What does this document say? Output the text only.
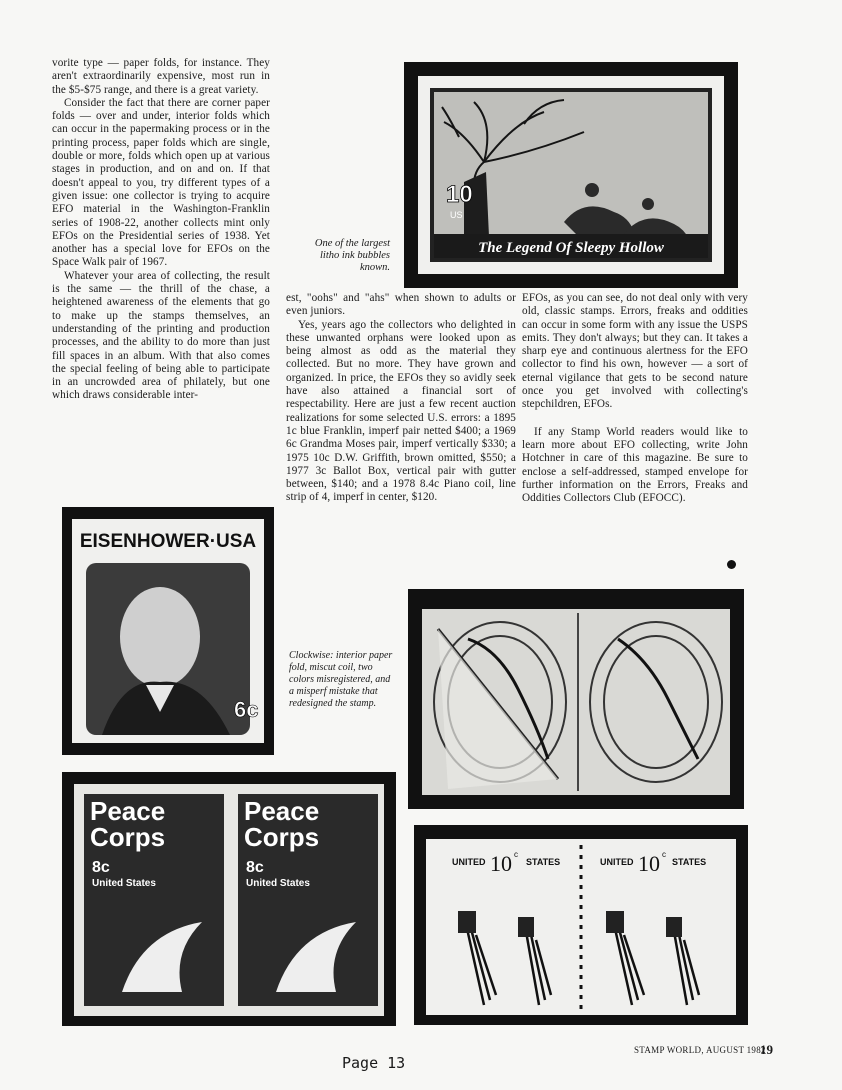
vorite type — paper folds, for instance. They aren't extraordinarily expensive, most run in the $5-$75 range, and there is a great variety.

Consider the fact that there are corner paper folds — over and under, interior folds which can occur in the papermaking process or in the printing process, paper folds which are single, double or more, folds which open up at various stages in production, and on and on. If that doesn't appeal to you, try different types of a given issue: one collector is trying to acquire EFO material in the Washington-Franklin series of 1908-22, another collects mint only EFOs on the Presidential series of 1938. Yet another has a special love for EFOs on the Space Walk pair of 1967.

Whatever your area of collecting, the result is the same — the thrill of the chase, a heightened awareness of the elements that go to make up the stamps themselves, an understanding of the printing and production processes, and the ability to do more than just fill spaces in an album. With that also comes the special feeling of being able to participate in an uncrowded area of philately, but one which draws considerable inter-

est, "oohs" and "ahs" when shown to adults or even juniors.

Yes, years ago the collectors who delighted in these unwanted orphans were looked upon as being almost as odd as the material they collected. But no more. They have grown and organized. In price, the EFOs they so avidly seek have also attained a financial sort of respectability. Here are just a few recent auction realizations for some selected U.S. errors: a 1895 1c blue Franklin, imperf pair netted $400; a 1969 6c Grandma Moses pair, imperf vertically $330; a 1975 10c D.W. Griffith, brown omitted, $550; a 1977 3c Ballot Box, vertical pair with gutter between, $140; and a 1978 8.4c Piano coil, line strip of 4, imperf in center, $120.

EFOs, as you can see, do not deal only with very old, classic stamps. Errors, freaks and oddities can occur in some form with any issue the USPS emits. They don't always; but they can. It takes a sharp eye and continuous alertness for the EFO collector to find his own, however — a sort of eternal vigilance that gets to be second nature once you get involved with collecting's stepchildren, EFOs.

If any Stamp World readers would like to learn more about EFO collecting, write John Hotchner in care of this magazine. Be sure to enclose a self-addressed, stamped envelope for further information on the Errors, Freaks and Oddities Collectors Club (EFOCC).

One of the largest litho ink bubbles known.
Clockwise: interior paper fold, miscut coil, two colors misregistered, and a misperf mistake that redesigned the stamp.
10
US
The Legend Of Sleepy Hollow
EISENHOWER·USA
6c
Peace
Corps
8c
United States
Peace
Corps
8c
United States
UNITED 10 c
STATES	UNITED 10 c
STATES
Page 13
STAMP WORLD, AUGUST 1982
19
